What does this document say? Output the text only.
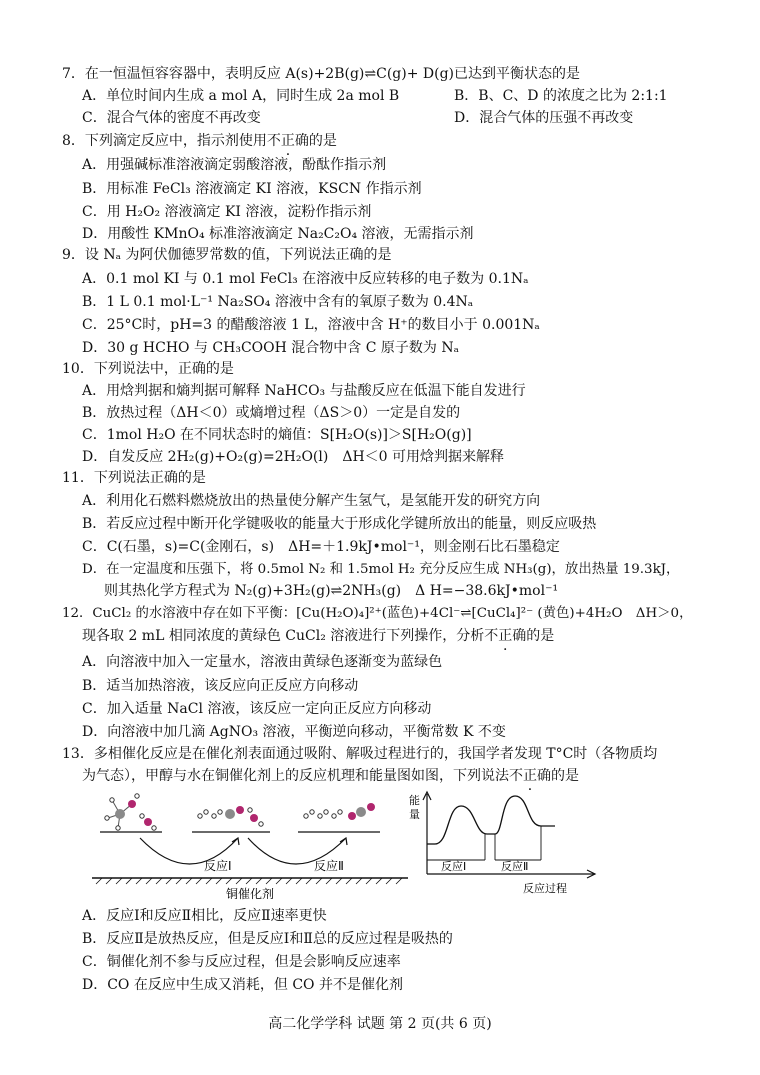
7．在一恒温恒容容器中，表明反应 A(s)+2B(g)⇌C(g)+ D(g)已达到平衡状态的是
A．单位时间内生成 a mol A，同时生成 2a mol B	B．B、C、D 的浓度之比为 2:1:1
C．混合气体的密度不再改变	D．混合气体的压强不再改变
8．下列滴定反应中，指示剂使用不正确的是
A．用强碱标准溶液滴定弱酸溶液，酚酞作指示剂
B．用标准 FeCl₃ 溶液滴定 KI 溶液，KSCN 作指示剂
C．用 H₂O₂ 溶液滴定 KI 溶液，淀粉作指示剂
D．用酸性 KMnO₄ 标准溶液滴定 Na₂C₂O₄ 溶液，无需指示剂
9．设 Nₐ 为阿伏伽德罗常数的值，下列说法正确的是
A．0.1 mol KI 与 0.1 mol FeCl₃ 在溶液中反应转移的电子数为 0.1Nₐ
B．1 L 0.1 mol·L⁻¹ Na₂SO₄ 溶液中含有的氧原子数为 0.4Nₐ
C．25°C时，pH=3 的醋酸溶液 1 L，溶液中含 H⁺的数目小于 0.001Nₐ
D．30 g HCHO 与 CH₃COOH 混合物中含 C 原子数为 Nₐ
10．下列说法中，正确的是
A．用焓判据和熵判据可解释 NaHCO₃ 与盐酸反应在低温下能自发进行
B．放热过程（ΔH＜0）或熵增过程（ΔS＞0）一定是自发的
C．1mol H₂O 在不同状态时的熵值：S[H₂O(s)]＞S[H₂O(g)]
D．自发反应 2H₂(g)+O₂(g)=2H₂O(l)　ΔH＜0 可用焓判据来解释
11．下列说法正确的是
A．利用化石燃料燃烧放出的热量使分解产生氢气，是氢能开发的研究方向
B．若反应过程中断开化学键吸收的能量大于形成化学键所放出的能量，则反应吸热
C．C(石墨，s)=C(金刚石，s)　ΔH=＋1.9kJ•mol⁻¹，则金刚石比石墨稳定
D．在一定温度和压强下，将 0.5mol N₂ 和 1.5mol H₂ 充分反应生成 NH₃(g)，放出热量 19.3kJ，
则其热化学方程式为 N₂(g)+3H₂(g)⇌2NH₃(g)　Δ H=−38.6kJ•mol⁻¹
12．CuCl₂ 的水溶液中存在如下平衡：[Cu(H₂O)₄]²⁺(蓝色)+4Cl⁻⇌[CuCl₄]²⁻ (黄色)+4H₂O　ΔH＞0，
现各取 2 mL 相同浓度的黄绿色 CuCl₂ 溶液进行下列操作，分析不正确的是
A．向溶液中加入一定量水，溶液由黄绿色逐渐变为蓝绿色
B．适当加热溶液，该反应向正反应方向移动
C．加入适量 NaCl 溶液，该反应一定向正反应方向移动
D．向溶液中加几滴 AgNO₃ 溶液，平衡逆向移动，平衡常数 K 不变
13．多相催化反应是在催化剂表面通过吸附、解吸过程进行的，我国学者发现 T°C时（各物质均
为气态），甲醇与水在铜催化剂上的反应机理和能量图如图，下列说法不正确的是
反应Ⅰ	反应Ⅱ
铜催化剂
能
量
能量
反应Ⅰ	反应Ⅱ
反应过程
A．反应Ⅰ和反应Ⅱ相比，反应Ⅱ速率更快
B．反应Ⅱ是放热反应，但是反应Ⅰ和Ⅱ总的反应过程是吸热的
C．铜催化剂不参与反应过程，但是会影响反应速率
D．CO 在反应中生成又消耗，但 CO 并不是催化剂
高二化学学科 试题 第 2 页(共 6 页)
